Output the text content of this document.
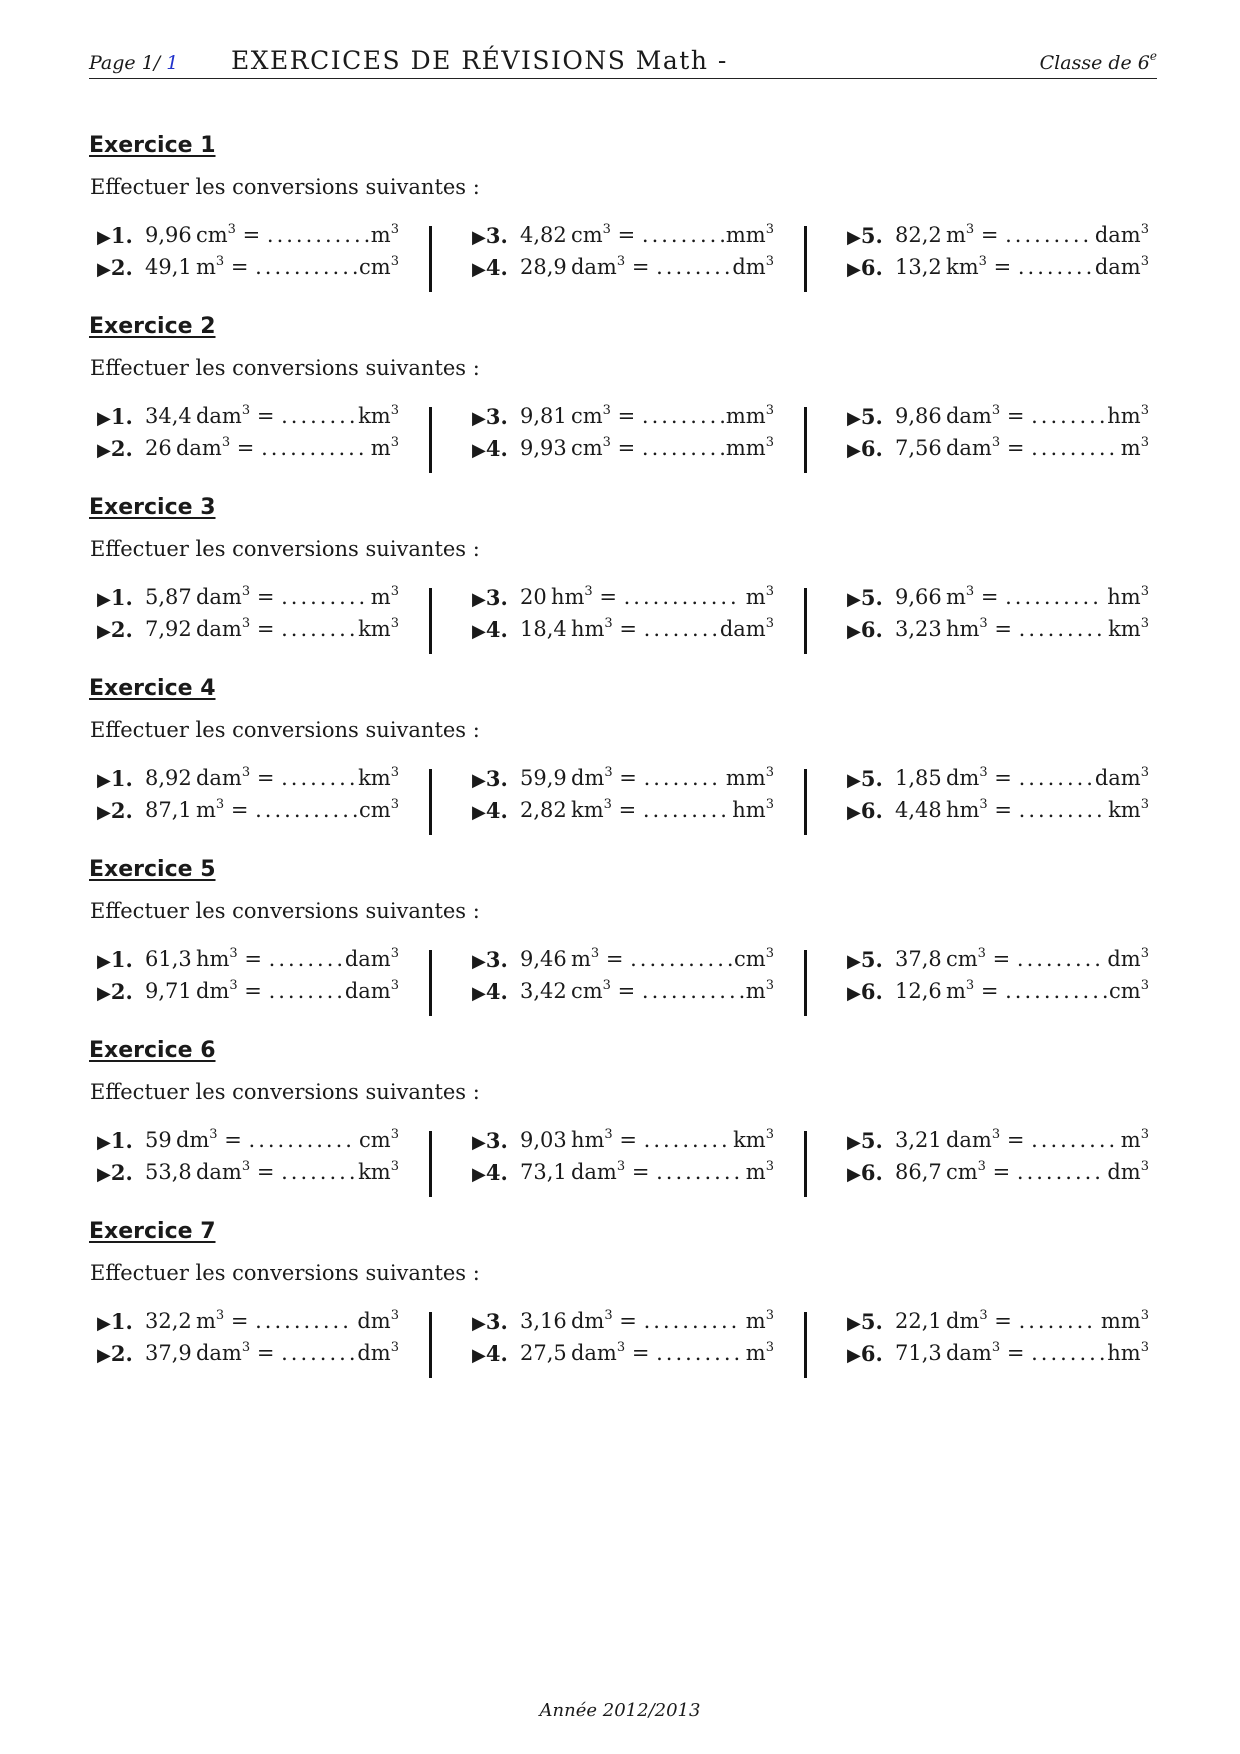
Page 1/ 1 EXERCICES DE RÉVISIONS Math -	Classe de 6e
Exercice 1
Effectuer les conversions suivantes :
▶1. 9,96  $cm^3$ = ...........
$m^3$
▶2. 49,1  $m^3$ = ...........
$cm^3$
▶3. 4,82  $cm^3$ = .........
$mm^3$
▶4. 28,9  dam$^3$ = ........
$dm^3$
▶5. 82,2  $m^3$ = ......... dam$^3$
▶6. 13,2  $km^3$ = ........ dam$^3$
Exercice 2
Effectuer les conversions suivantes :
▶1. 34,4  dam$^3$ = ........ $km^3$
▶2. 26  dam$^3$ = ........... $m^3$
▶3. 9,81  $cm^3$ = .........
$mm^3$
▶4. 9,93  $cm^3$ = .........
$mm^3$
▶5. 9,86  dam$^3$ = ........
$hm^3$
▶6. 7,56  dam$^3$ = ......... $m^3$
Exercice 3
Effectuer les conversions suivantes :
▶1. 5,87  dam$^3$ = ......... $m^3$
▶2. 7,92  dam$^3$ = ........ $km^3$
▶3. 20  $hm^3$ = ............ $m^3$
▶4. 18,4  $hm^3$ = ........
dam$^3$
▶5. 9,66  $m^3$ = .......... $hm^3$
▶6. 3,23  $hm^3$ = ......... $km^3$
Exercice 4
Effectuer les conversions suivantes :
▶1. 8,92  dam$^3$ = ........ $km^3$
▶2. 87,1  $m^3$ = ...........
$cm^3$
▶3. 59,9  $dm^3$ = ........ $mm^3$
▶4. 2,82  $km^3$ = ......... $hm^3$
▶5. 1,85  $dm^3$ = ........
dam$^3$
▶6. 4,48  $hm^3$ = ......... $km^3$
Exercice 5
Effectuer les conversions suivantes :
▶1. 61,3  $hm^3$ = ........
dam$^3$
▶2. 9,71  $dm^3$ = ........
dam$^3$
▶3. 9,46  $m^3$ = ...........
$cm^3$
▶4. 3,42  $cm^3$ = ...........
$m^3$
▶5. 37,8  $cm^3$ = ......... $dm^3$
▶6. 12,6  $m^3$ = ...........
$cm^3$
Exercice 6
Effectuer les conversions suivantes :
▶1. 59  $dm^3$ = ........... $cm^3$
▶2. 53,8  dam$^3$ = ........ $km^3$
▶3. 9,03  $hm^3$ = ......... $km^3$
▶4. 73,1  dam$^3$ = ......... $m^3$
▶5. 3,21  dam$^3$ = ......... $m^3$
▶6. 86,7  $cm^3$ = ......... $dm^3$
Exercice 7
Effectuer les conversions suivantes :
▶1. 32,2  $m^3$ = .......... $dm^3$
▶2. 37,9  dam$^3$ = ........
$dm^3$
▶3. 3,16  $dm^3$ = .......... $m^3$
▶4. 27,5  dam$^3$ = ......... $m^3$
▶5. 22,1  $dm^3$ = ........ $mm^3$
▶6. 71,3  dam$^3$ = ........
$hm^3$
Année 2012/2013
